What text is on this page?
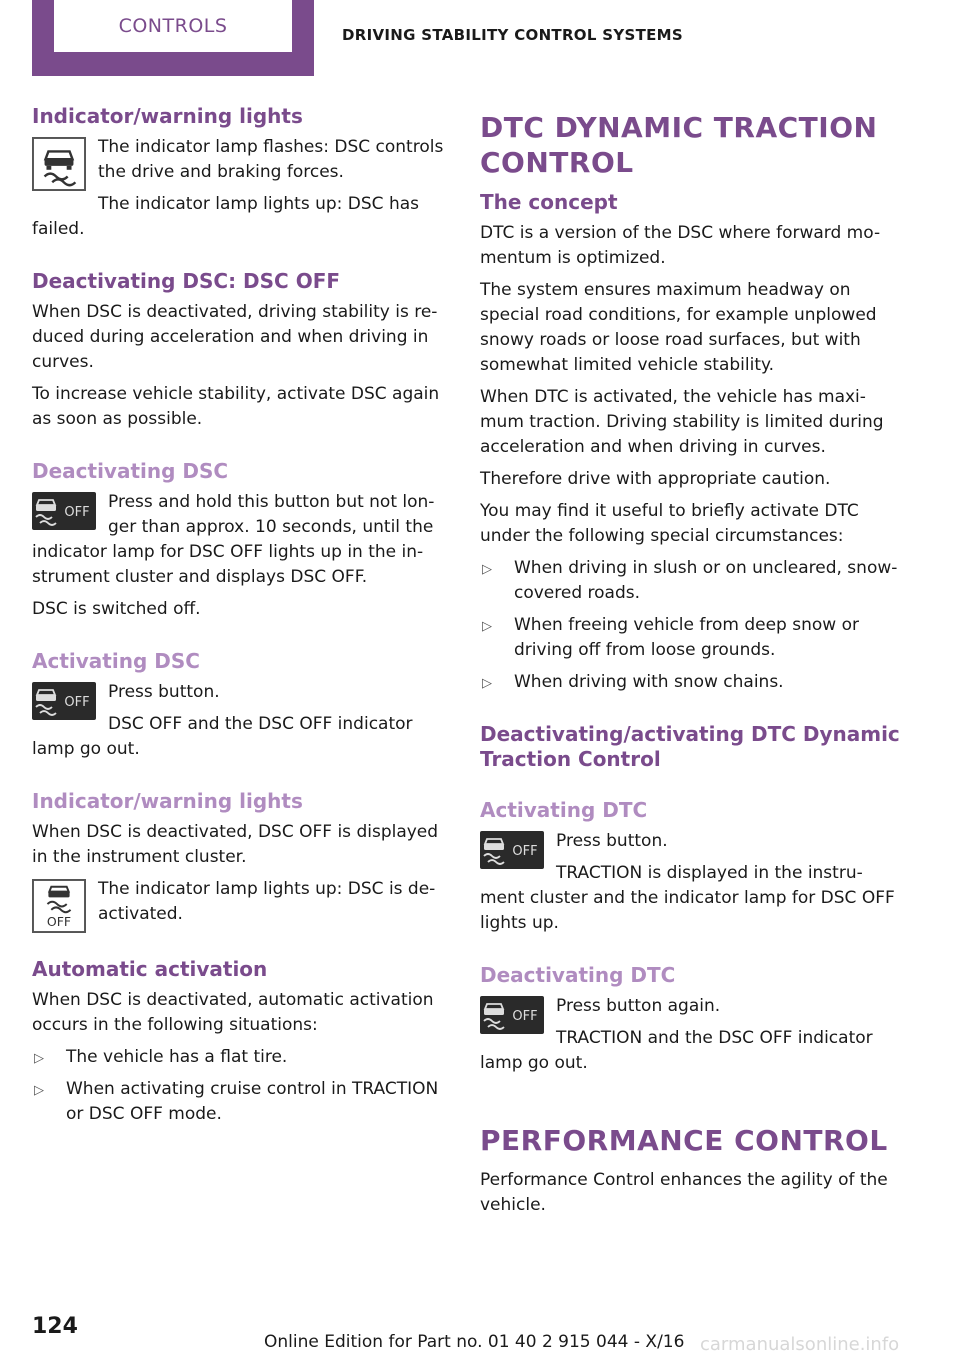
CONTROLS	DRIVING STABILITY CONTROL SYSTEMS
Indicator/warning lights

The indicator lamp flashes: DSC controls the drive and braking forces.

The indicator lamp lights up: DSC has failed.

Deactivating DSC: DSC OFF

When DSC is deactivated, driving stability is re-duced during acceleration and when driving in curves.

To increase vehicle stability, activate DSC again as soon as possible.

Deactivating DSC
OFF

Press and hold this button but not lon-ger than approx. 10 seconds, until the indicator lamp for DSC OFF lights up in the in-strument cluster and displays DSC OFF.

DSC is switched off.

Activating DSC
OFF

Press button.

DSC OFF and the DSC OFF indicator lamp go out.

Indicator/warning lights

When DSC is deactivated, DSC OFF is displayed in the instrument cluster.

OFF

The indicator lamp lights up: DSC is de-activated.

Automatic activation

When DSC is deactivated, automatic activation occurs in the following situations:

▷ The vehicle has a flat tire.
▷ When activating cruise control in TRACTION or DSC OFF mode.
DTC DYNAMIC TRACTION CONTROL
The concept

DTC is a version of the DSC where forward mo-mentum is optimized.

The system ensures maximum headway on special road conditions, for example unplowed snowy roads or loose road surfaces, but with somewhat limited vehicle stability.

When DTC is activated, the vehicle has maxi-mum traction. Driving stability is limited during acceleration and when driving in curves.

Therefore drive with appropriate caution.

You may find it useful to briefly activate DTC under the following special circumstances:

▷ When driving in slush or on uncleared, snow-covered roads.
▷ When freeing vehicle from deep snow or driving off from loose grounds.
▷ When driving with snow chains.
Deactivating/activating DTC Dynamic Traction Control
Activating DTC
OFF

Press button.

TRACTION is displayed in the instru-ment cluster and the indicator lamp for DSC OFF lights up.

Deactivating DTC
OFF

Press button again.

TRACTION and the DSC OFF indicator lamp go out.

PERFORMANCE CONTROL

Performance Control enhances the agility of the vehicle.

124
Online Edition for Part no. 01 40 2 915 044 - X/16 carmanualsonline.info
